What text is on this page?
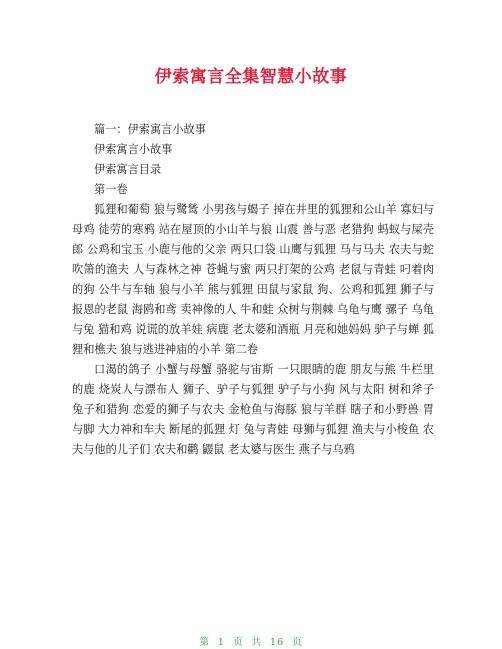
伊索寓言全集智慧小故事

篇一：伊索寓言小故事

伊索寓言小故事

伊索寓言目录

第一卷

狐狸和葡萄 狼与鹭鸶 小男孩与蝎子 掉在井里的狐狸和公山羊 寡妇与母鸡 徒劳的寒鸦 站在屋顶的小山羊与狼 山震 善与恶 老猎狗 蚂蚁与屎壳郎 公鸡和宝玉 小鹿与他的父亲 两只口袋 山鹰与狐狸 马与马夫 农夫与蛇 吹箫的渔夫 人与森林之神 苍蝇与蜜 两只打架的公鸡 老鼠与青蛙 叼着肉的狗 公牛与车轴 狼与小羊 熊与狐狸 田鼠与家鼠 狗、公鸡和狐狸 狮子与报恩的老鼠 海鸥和鸢 卖神像的人 牛和蛙 众树与荆棘 乌龟与鹰 骡子 乌龟与兔 猫和鸡 说谎的放羊娃 病鹿 老太婆和酒瓶 月亮和她妈妈 驴子与蝉 狐狸和樵夫 狼与逃进神庙的小羊 第二卷

口渴的鸽子 小蟹与母蟹 骆驼与宙斯 一只眼睛的鹿 朋友与熊 牛栏里的鹿 烧炭人与漂布人 狮子、驴子与狐狸 驴子与小狗 风与太阳 树和斧子 兔子和猎狗 恋爱的狮子与农夫 金枪鱼与海豚 狼与羊群 瞎子和小野兽 胃与脚 大力神和车夫 断尾的狐狸 灯 兔与青蛙 母狮与狐狸 渔夫与小梭鱼 农夫与他的儿子们 农夫和鹳 鼹鼠 老太婆与医生 燕子与乌鸦

第 1 页 共 16 页
